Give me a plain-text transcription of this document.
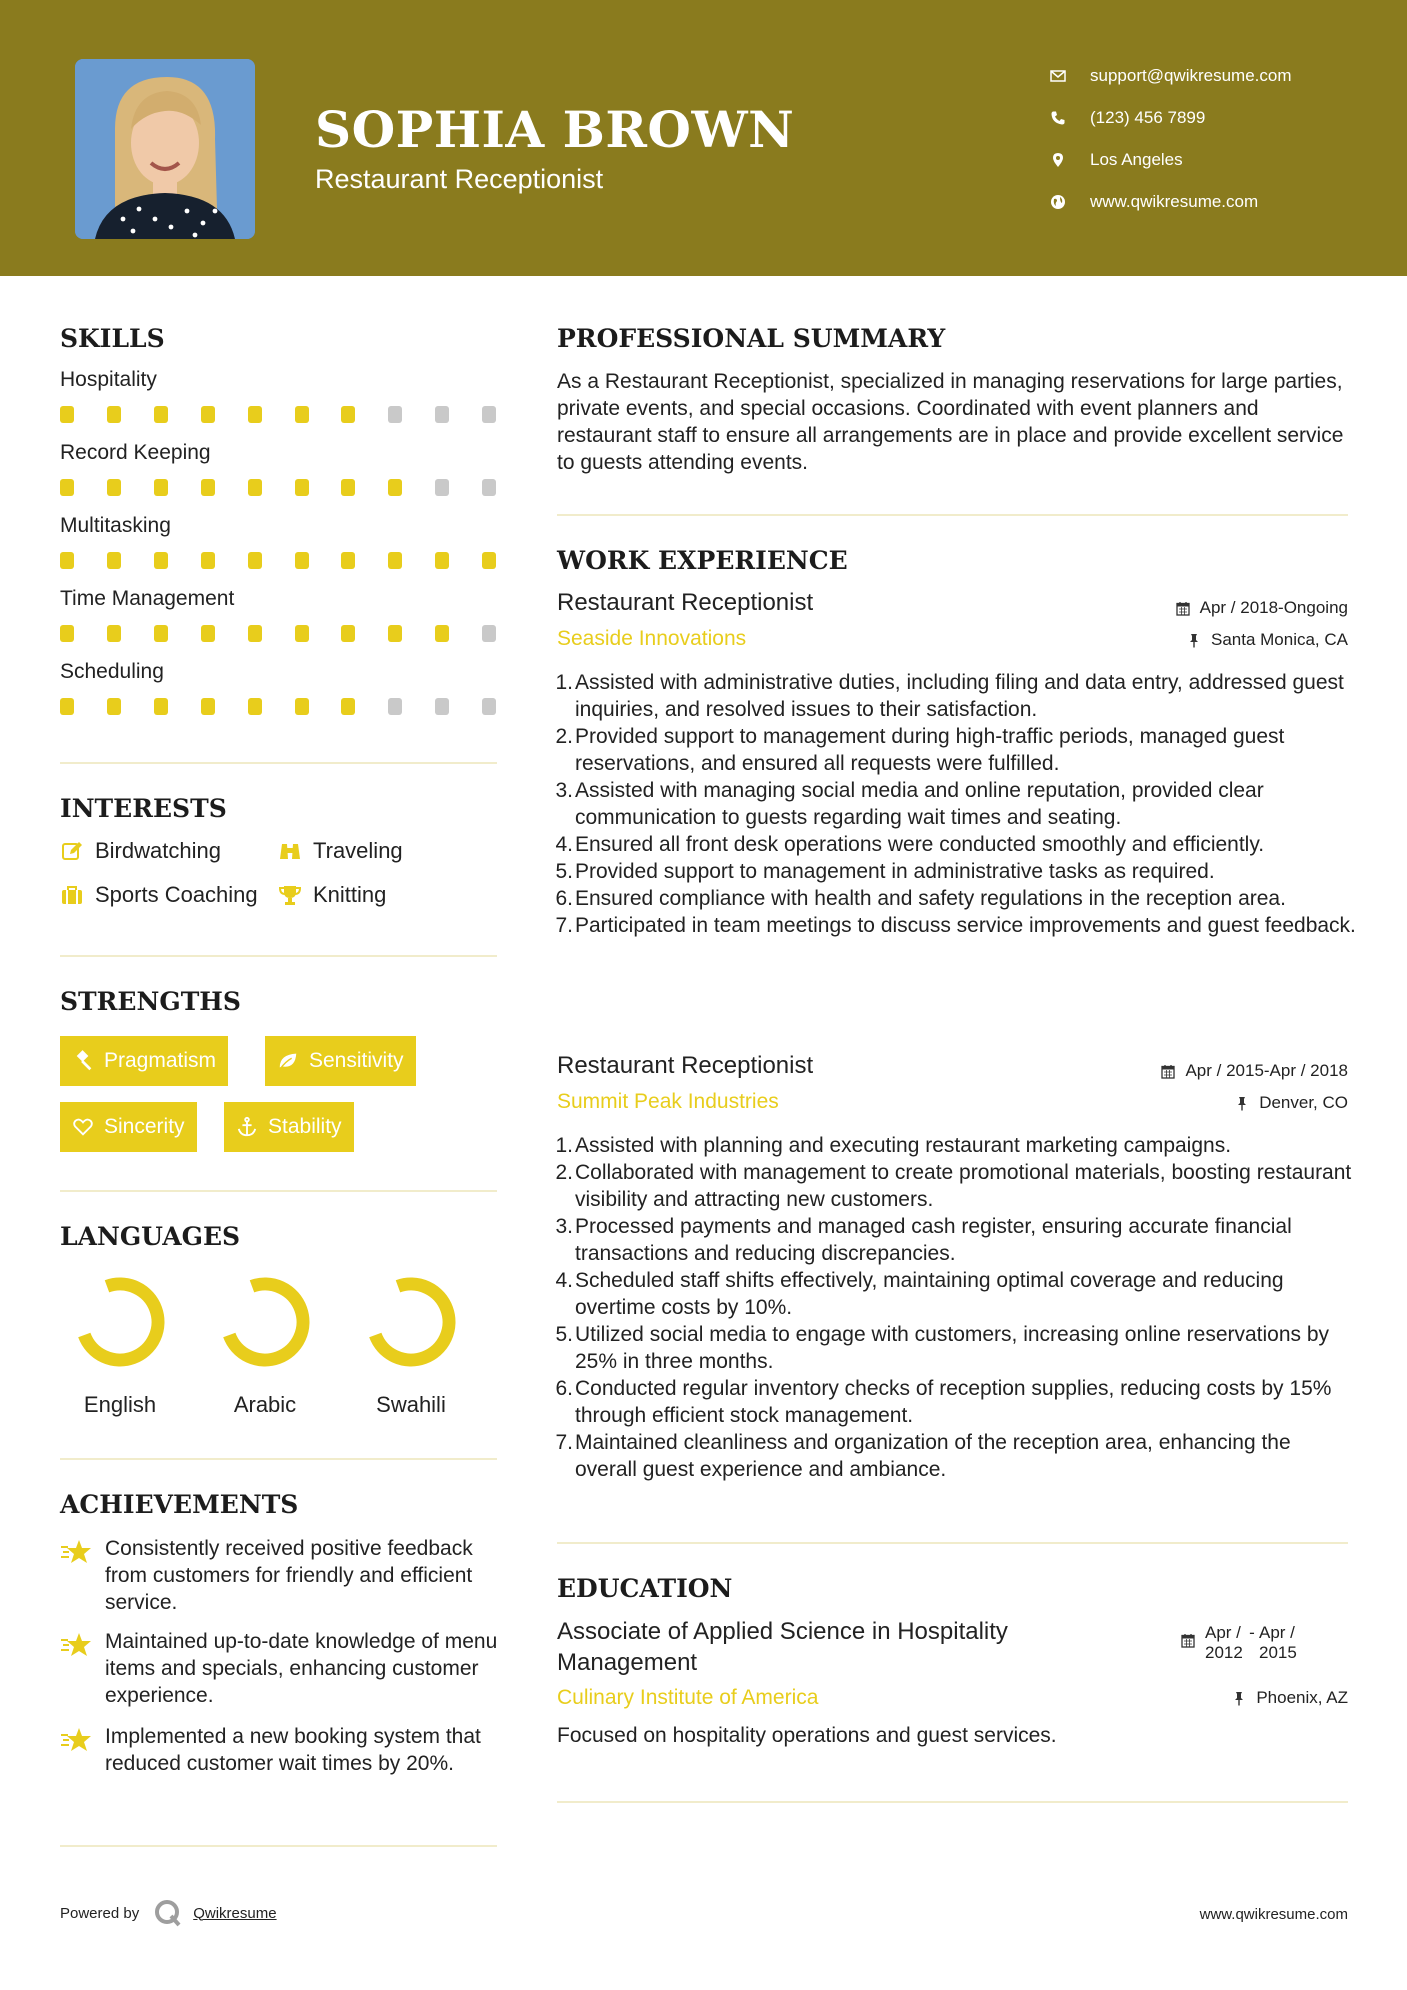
SOPHIA BROWN
Restaurant Receptionist
support@qwikresume.com
(123) 456 7899
Los Angeles
www.qwikresume.com
SKILLS
Hospitality
Record Keeping
Multitasking
Time Management
Scheduling
INTERESTS
Birdwatching	Traveling
Sports Coaching	Knitting
STRENGTHS
Pragmatism	Sensitivity
Sincerity	Stability
LANGUAGES
English	Arabic	Swahili
ACHIEVEMENTS
Consistently received positive feedback from customers for friendly and efficient service.
Maintained up-to-date knowledge of menu items and specials, enhancing customer experience.
Implemented a new booking system that reduced customer wait times by 20%.
PROFESSIONAL SUMMARY
As a Restaurant Receptionist, specialized in managing reservations for large parties, private events, and special occasions. Coordinated with event planners and restaurant staff to ensure all arrangements are in place and provide excellent service to guests attending events.
WORK EXPERIENCE
Restaurant Receptionist	Apr / 2018-Ongoing
Seaside Innovations	Santa Monica, CA
1. Assisted with administrative duties, including filing and data entry, addressed guest inquiries, and resolved issues to their satisfaction.
2. Provided support to management during high-traffic periods, managed guest reservations, and ensured all requests were fulfilled.
3. Assisted with managing social media and online reputation, provided clear communication to guests regarding wait times and seating.
4. Ensured all front desk operations were conducted smoothly and efficiently.
5. Provided support to management in administrative tasks as required.
6. Ensured compliance with health and safety regulations in the reception area.
7. Participated in team meetings to discuss service improvements and guest feedback.
Restaurant Receptionist	Apr / 2015-Apr / 2018
Summit Peak Industries	Denver, CO
1. Assisted with planning and executing restaurant marketing campaigns.
2. Collaborated with management to create promotional materials, boosting restaurant visibility and attracting new customers.
3. Processed payments and managed cash register, ensuring accurate financial transactions and reducing discrepancies.
4. Scheduled staff shifts effectively, maintaining optimal coverage and reducing overtime costs by 10%.
5. Utilized social media to engage with customers, increasing online reservations by 25% in three months.
6. Conducted regular inventory checks of reception supplies, reducing costs by 15% through efficient stock management.
7. Maintained cleanliness and organization of the reception area, enhancing the overall guest experience and ambiance.
EDUCATION
Associate of Applied Science in Hospitality Management
Apr / 2012
- Apr / 2015
Culinary Institute of America	Phoenix, AZ
Focused on hospitality operations and guest services.
Powered by	Qwikresume	www.qwikresume.com
